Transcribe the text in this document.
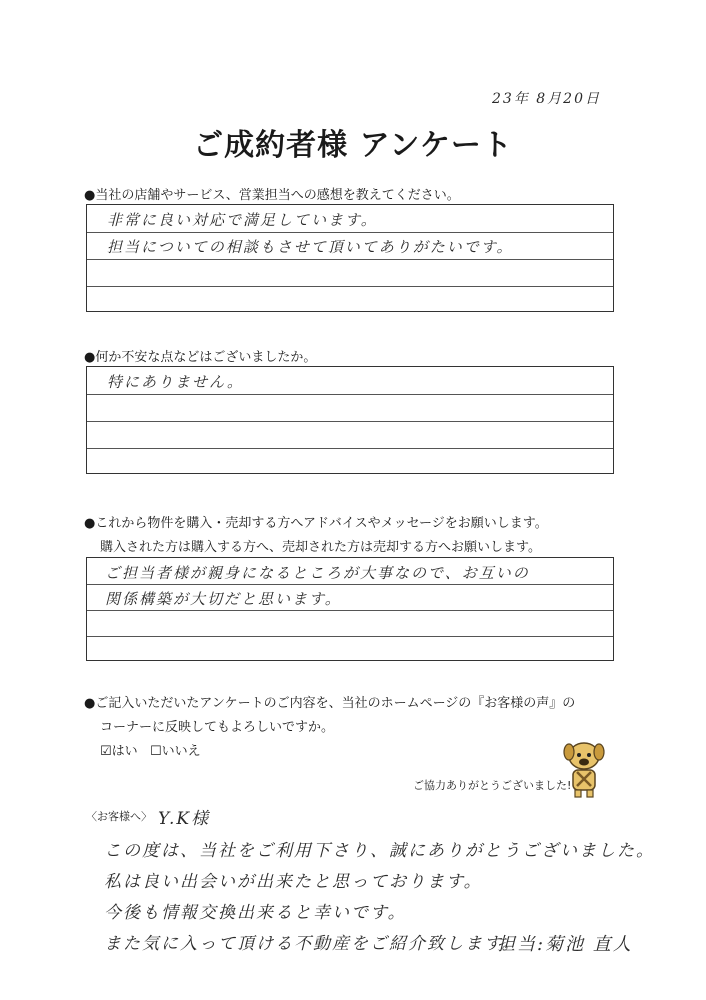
23年 8月20日
ご成約者様 アンケート
●当社の店舗やサービス、営業担当への感想を教えてください。
非常に良い対応で満足しています。
担当についての相談もさせて頂いてありがたいです。
●何か不安な点などはございましたか。
特にありません。
●これから物件を購入・売却する方へアドバイスやメッセージをお願いします。
購入された方は購入する方へ、売却された方は売却する方へお願いします。
ご担当者様が親身になるところが大事なので、お互いの
関係構築が大切だと思います。
●ご記入いただいたアンケートのご内容を、当社のホームページの『お客様の声』の
コーナーに反映してもよろしいですか。
☑はい ☐いいえ
ご協力ありがとうございました!
〈お客様へ〉 Y.K様
この度は、当社をご利用下さり、誠にありがとうございました。
私は良い出会いが出来たと思っております。
今後も情報交換出来ると幸いです。
また気に入って頂ける不動産をご紹介致します。
担当:菊池 直人
